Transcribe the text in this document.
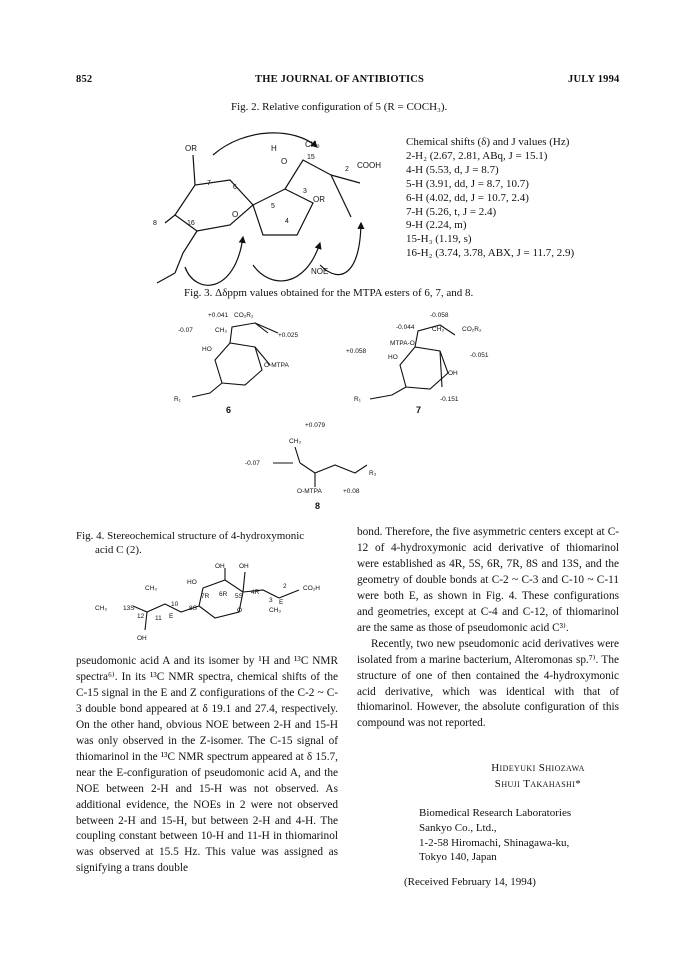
852	THE JOURNAL OF ANTIBIOTICS	JULY 1994
Fig. 2. Relative configuration of 5 (R = COCH₃).
OR	H
O
CH₃
15
2 COOH
7
6
3
OR
5
4
8	16
O
NOE
Chemical shifts (δ) and J values (Hz)
2-H₂ (2.67, 2.81, ABq, J = 15.1)
4-H (5.53, d, J = 8.7)
5-H (3.91, dd, J = 8.7, 10.7)
6-H (4.02, dd, J = 10.7, 2.4)
7-H (5.26, t, J = 2.4)
9-H (2.24, m)
15-H₃ (1.19, s)
16-H₂ (3.74, 3.78, ABX, J = 11.7, 2.9)
Fig. 3. Δδppm values obtained for the MTPA esters of 6, 7, and 8.
+0.041 CO₂R₂
-0.07	CH₃
+0.025
HO
O-MTPA
R₁
6
-0.058
-0.044	CH₃	CO₂R₂
MTPA-O
+0.058
HO	-0.051
OH
R₁	-0.151
7
+0.079
CH₃
-0.07
R₃
O-MTPA	+0.08
8
Fig. 4. Stereochemical structure of 4-hydroxymonic
acid C (2).
OH OH
HO
CO₂H
CH₃
CH₃	CH₃
O
6R
7R	5S
4R
3 E
2
8S
10
13S
12 11 E
OH

pseudomonic acid A and its isomer by ¹H and ¹³C NMR spectra⁶⁾. In its ¹³C NMR spectra, chemical shifts of the C-15 signal in the E and Z configurations of the C-2 ~ C-3 double bond appeared at δ 19.1 and 27.4, respectively. On the other hand, obvious NOE between 2-H and 15-H was only observed in the Z-isomer. The C-15 signal of thiomarinol in the ¹³C NMR spectrum appeared at δ 15.7, near the E-configuration of pseudomonic acid A, and the NOE between 2-H and 15-H was not observed. As additional evidence, the NOEs in 2 were not observed between 2-H and 15-H, but between 2-H and 4-H. The coupling constant between 10-H and 11-H in thiomarinol was observed at 15.5 Hz. This value was assigned as signifying a trans double

bond. Therefore, the five asymmetric centers except at C-12 of 4-hydroxymonic acid derivative of thiomarinol were established as 4R, 5S, 6R, 7R, 8S and 13S, and the geometry of double bonds at C-2 ~ C-3 and C-10 ~ C-11 were both E, as shown in Fig. 4. These configurations and geometries, except at C-4 and C-12, of thiomarinol are the same as those of pseudomonic acid C³⁾.

Recently, two new pseudomonic acid derivatives were isolated from a marine bacterium, Alteromonas sp.⁷⁾. The structure of one of then contained the 4-hydroxymonic acid derivative, which was identical with that of thiomarinol. However, the absolute configuration of this compound was not reported.

Hideyuki Shiozawa
Shuji Takahashi*
Biomedical Research Laboratories
Sankyo Co., Ltd.,
1-2-58 Hiromachi, Shinagawa-ku,
Tokyo 140, Japan
(Received February 14, 1994)
